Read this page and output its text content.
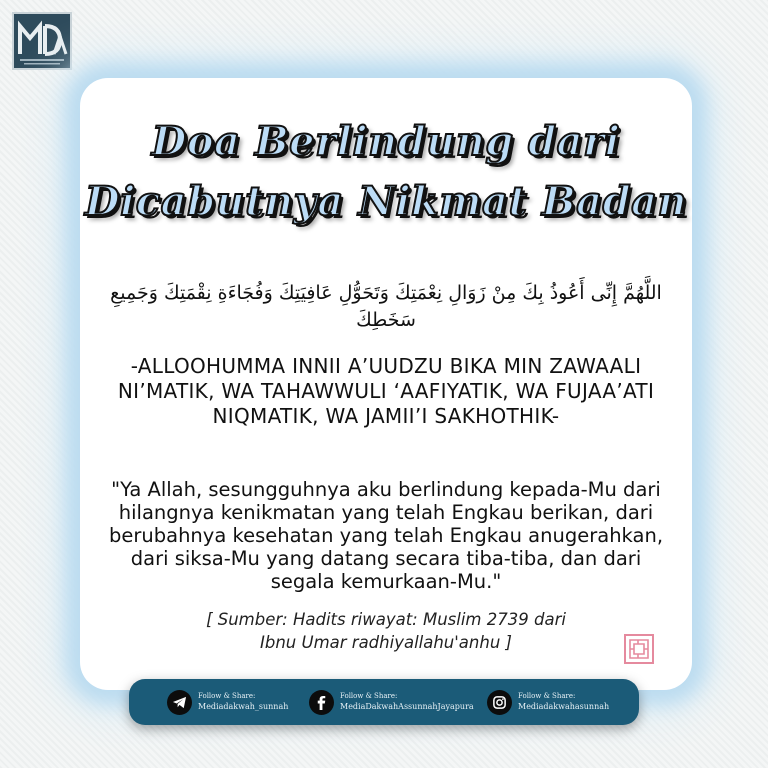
Doa Berlindung dari
Dicabutnya Nikmat Badan
اللَّهُمَّ إِنِّى أَعُوذُ بِكَ مِنْ زَوَالِ نِعْمَتِكَ وَتَحَوُّلِ عَافِيَتِكَ وَفُجَاءَةِ نِقْمَتِكَ وَجَمِيعِ سَخَطِكَ
-ALLOOHUMMA INNII A’UUDZU BIKA MIN ZAWAALI NI’MATIK, WA TAHAWWULI ‘AAFIYATIK, WA FUJAA’ATI NIQMATIK, WA JAMII’I SAKHOTHIK-
"Ya Allah, sesungguhnya aku berlindung kepada-Mu dari hilangnya kenikmatan yang telah Engkau berikan, dari berubahnya kesehatan yang telah Engkau anugerahkan, dari siksa-Mu yang datang secara tiba-tiba, dan dari segala kemurkaan-Mu."
[ Sumber: Hadits riwayat: Muslim 2739 dari
Ibnu Umar radhiyallahu'anhu ]
Follow & Share:
Mediadakwah_sunnah
Follow & Share:
MediaDakwahAssunnahJayapura
Follow & Share:
Mediadakwahasunnah
